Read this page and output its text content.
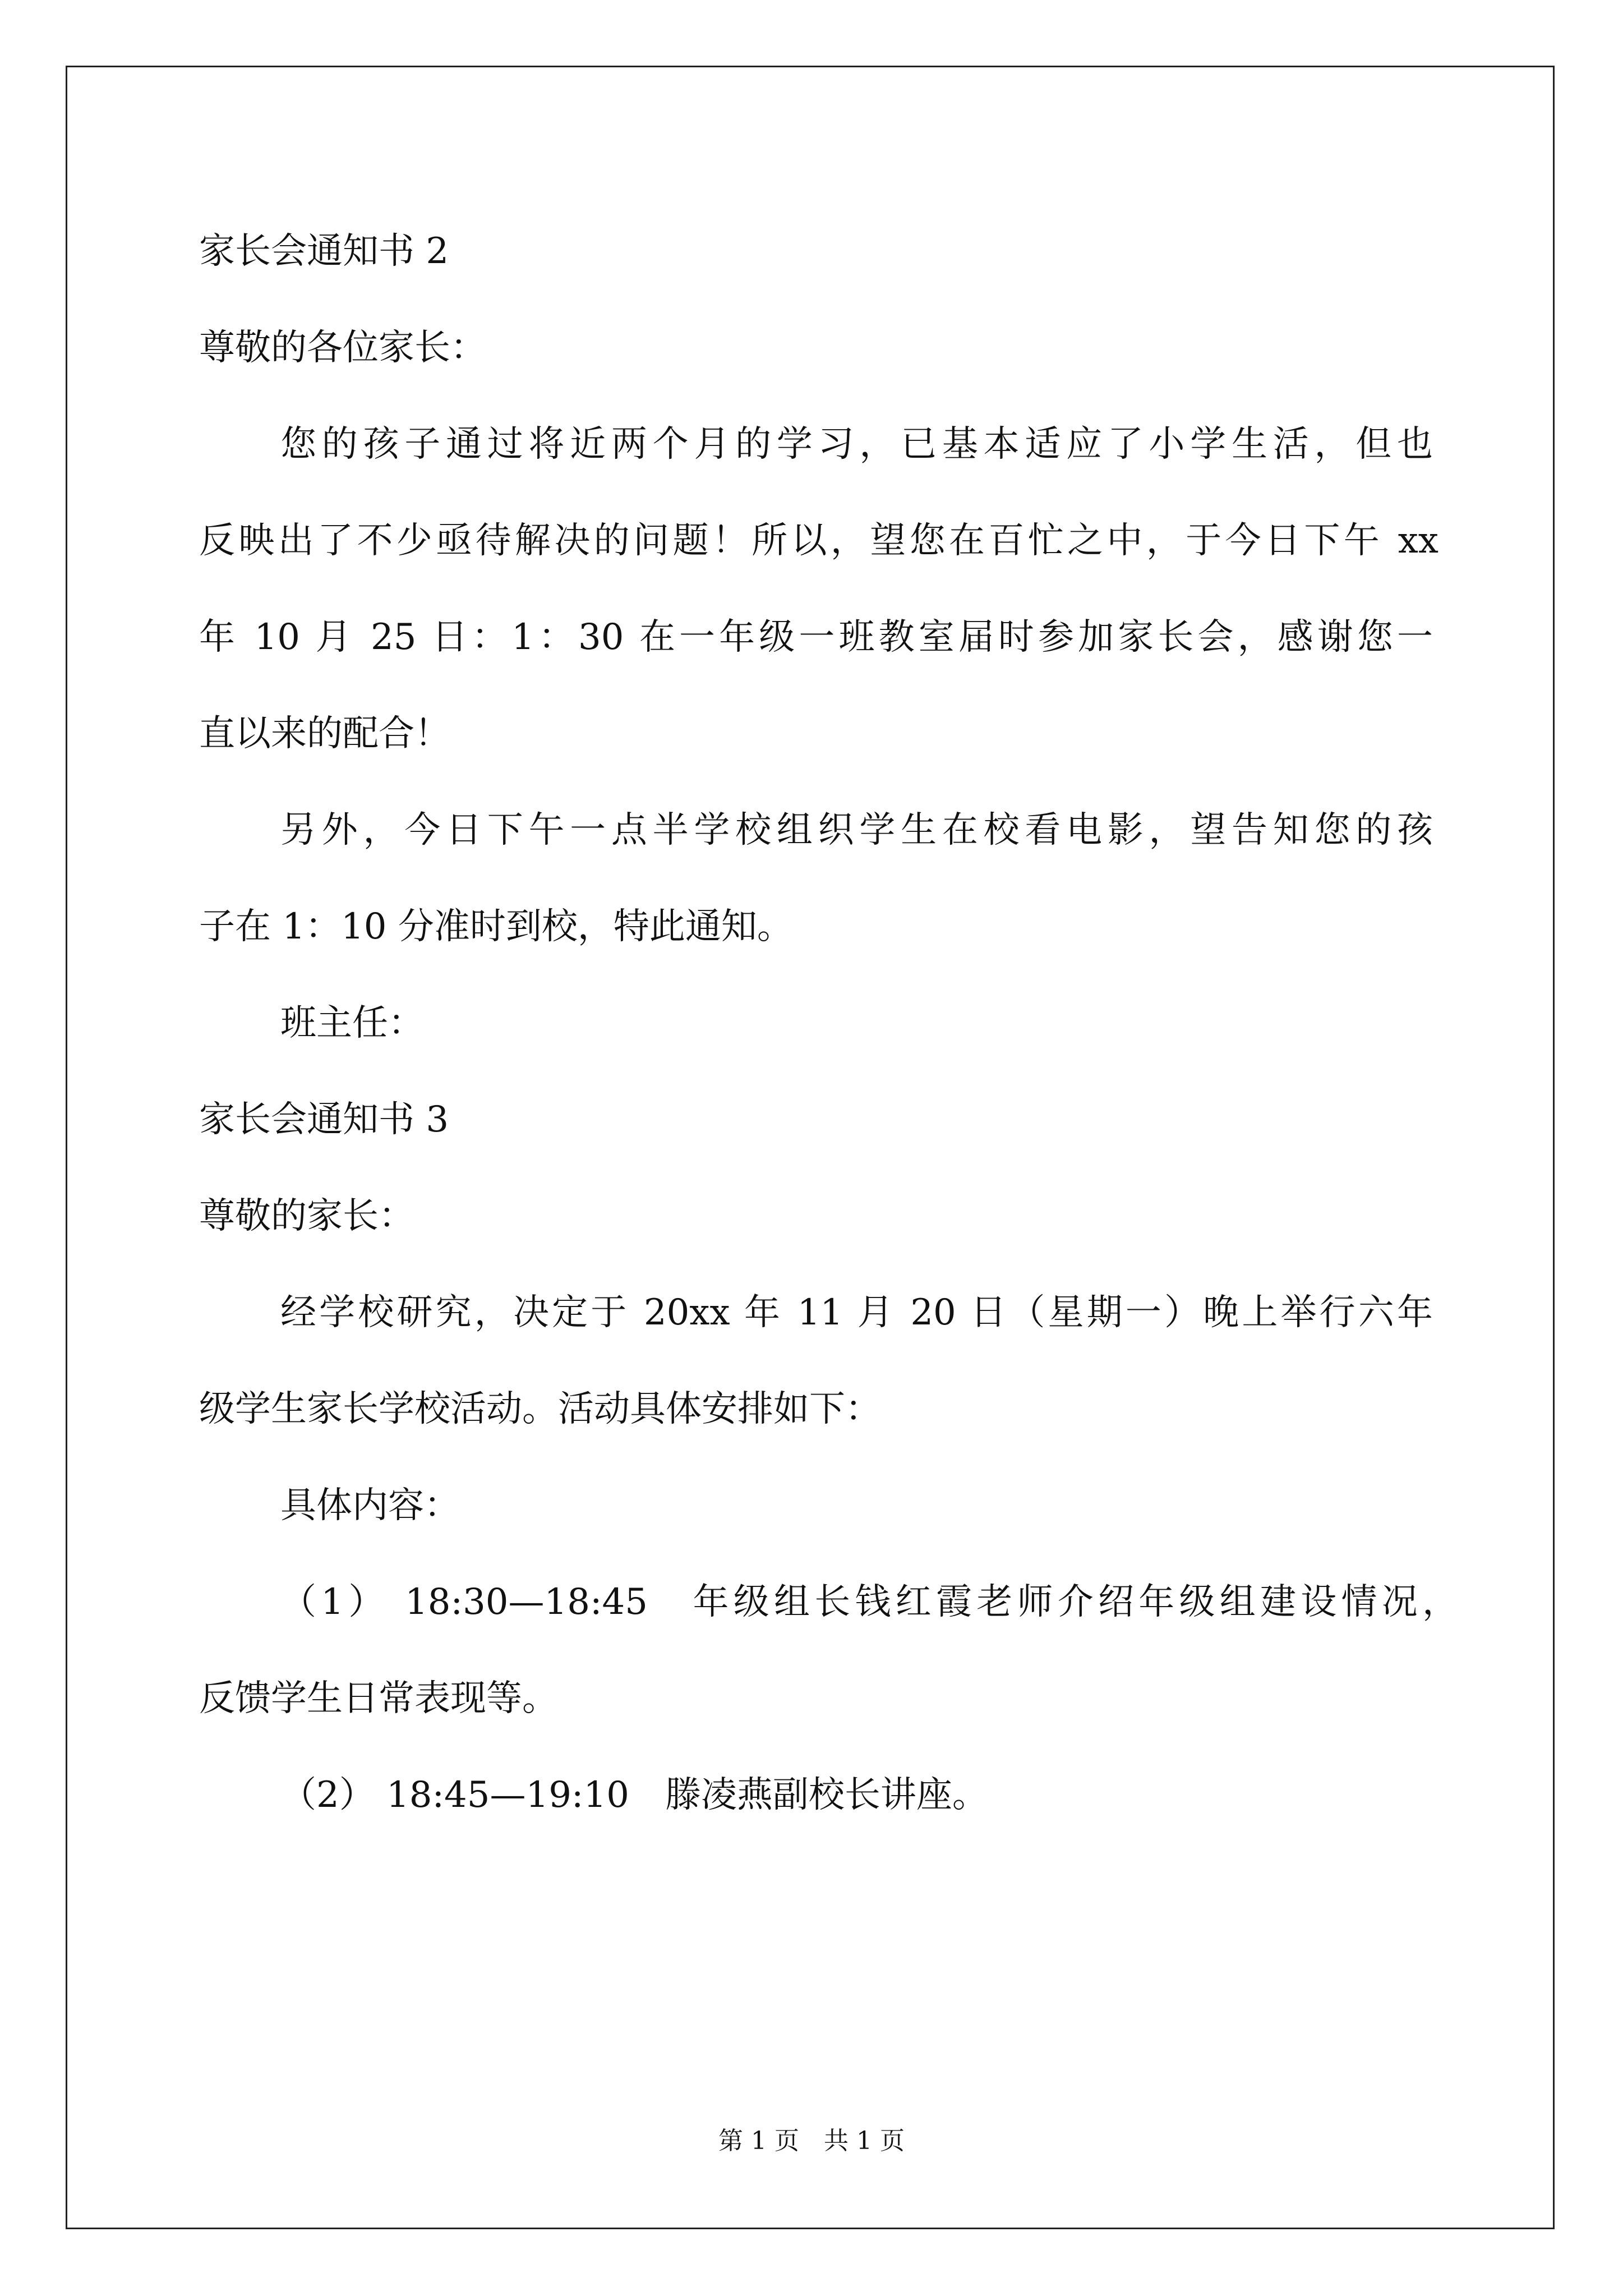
家长会通知书 2
尊敬的各位家长：
您的孩子通过将近两个月的学习，已基本适应了小学生活，但也
反映出了不少亟待解决的问题！所以，望您在百忙之中，于今日下午 xx
年 10 月 25 日：1：30 在一年级一班教室届时参加家长会，感谢您一
直以来的配合！
另外，今日下午一点半学校组织学生在校看电影，望告知您的孩
子在 1：10 分准时到校，特此通知。
班主任：
家长会通知书 3
尊敬的家长：
经学校研究，决定于 20xx 年 11 月 20 日（星期一）晚上举行六年
级学生家长学校活动。活动具体安排如下：
具体内容：
（1） 18:30—18:45　年级组长钱红霞老师介绍年级组建设情况，
反馈学生日常表现等。
（2） 18:45—19:10　滕凌燕副校长讲座。
第 1 页　共 1 页
